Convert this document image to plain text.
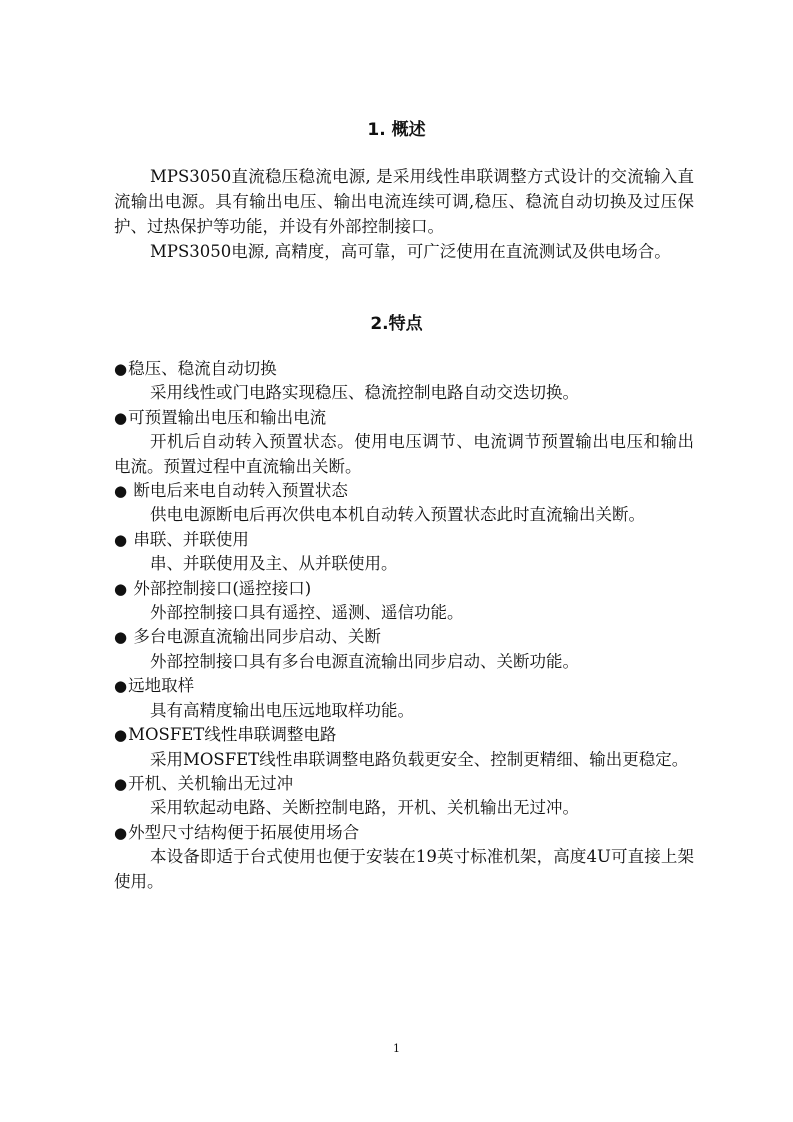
1. 概述

MPS3050直流稳压稳流电源, 是采用线性串联调整方式设计的交流输入直流输出电源。具有输出电压、输出电流连续可调,稳压、稳流自动切换及过压保护、过热保护等功能，并设有外部控制接口。

MPS3050电源, 高精度，高可靠，可广泛使用在直流测试及供电场合。

2.特点

●稳压、稳流自动切换

采用线性或门电路实现稳压、稳流控制电路自动交迭切换。

●可预置输出电压和输出电流

开机后自动转入预置状态。使用电压调节、电流调节预置输出电压和输出电流。预置过程中直流输出关断。

● 断电后来电自动转入预置状态

供电电源断电后再次供电本机自动转入预置状态此时直流输出关断。

● 串联、并联使用

串、并联使用及主、从并联使用。

● 外部控制接口(遥控接口)

外部控制接口具有遥控、遥测、遥信功能。

● 多台电源直流输出同步启动、关断

外部控制接口具有多台电源直流输出同步启动、关断功能。

●远地取样

具有高精度输出电压远地取样功能。

●MOSFET线性串联调整电路

采用MOSFET线性串联调整电路负载更安全、控制更精细、输出更稳定。

●开机、关机输出无过冲

采用软起动电路、关断控制电路，开机、关机输出无过冲。

●外型尺寸结构便于拓展使用场合

本设备即适于台式使用也便于安装在19英寸标准机架，高度4U可直接上架使用。

1
